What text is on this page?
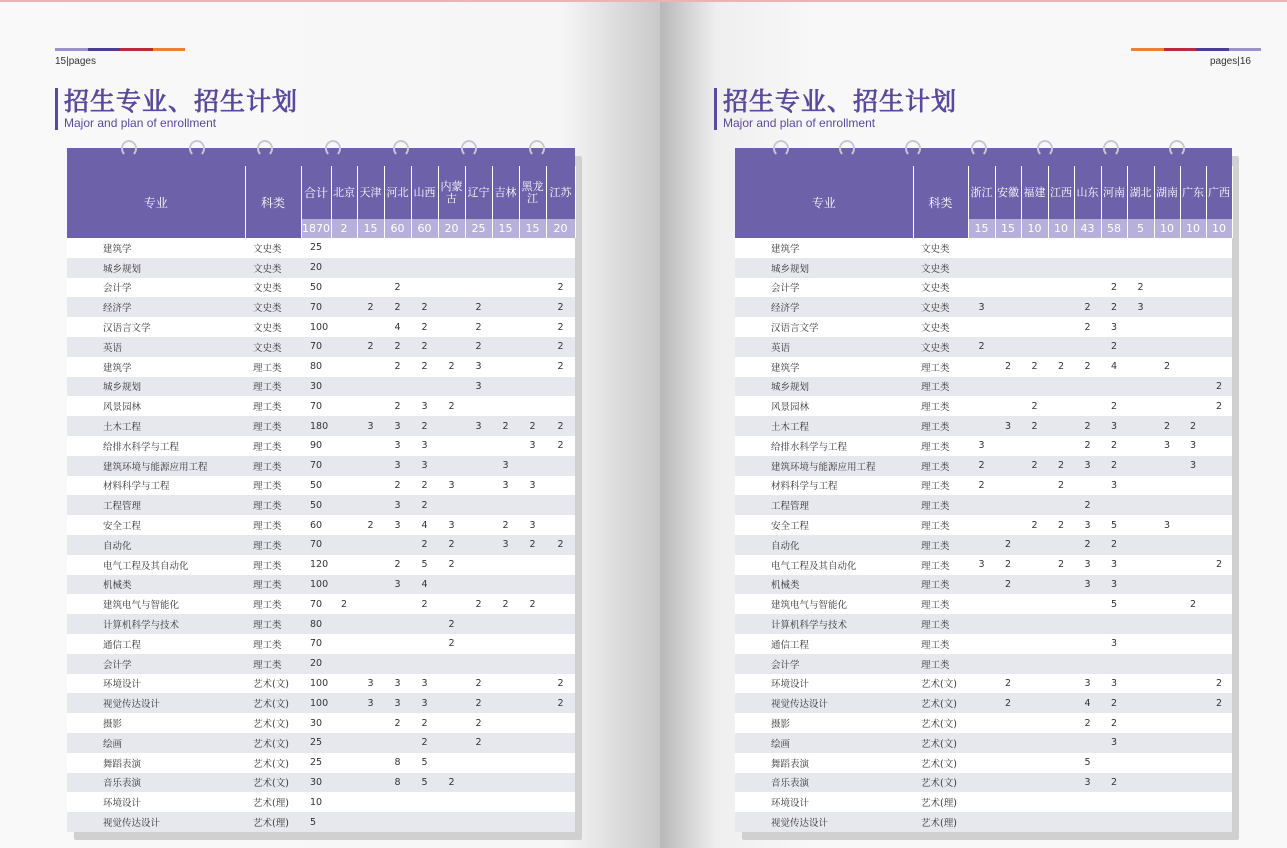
15|pages
招生专业、招生计划
Major and plan of enrollment
专业	科类	合计	北京	天津	河北	山西	内蒙古	辽宁	吉林	黑龙江	江苏
		1870	2	15	60	60	20	25	15	15	20
建筑学	文史类	25									
城乡规划	文史类	20									
会计学	文史类	50			2						2
经济学	文史类	70		2	2	2		2			2
汉语言文学	文史类	100			4	2		2			2
英语	文史类	70		2	2	2		2			2
建筑学	理工类	80			2	2	2	3			2
城乡规划	理工类	30						3			
风景园林	理工类	70			2	3	2				
土木工程	理工类	180		3	3	2		3	2	2	2
给排水科学与工程	理工类	90			3	3				3	2
建筑环境与能源应用工程	理工类	70			3	3			3		
材料科学与工程	理工类	50			2	2	3		3	3	
工程管理	理工类	50			3	2					
安全工程	理工类	60		2	3	4	3		2	3	
自动化	理工类	70				2	2		3	2	2
电气工程及其自动化	理工类	120			2	5	2				
机械类	理工类	100			3	4					
建筑电气与智能化	理工类	70	2			2		2	2	2	
计算机科学与技术	理工类	80					2				
通信工程	理工类	70					2				
会计学	理工类	20									
环境设计	艺术(文)	100		3	3	3		2			2
视觉传达设计	艺术(文)	100		3	3	3		2			2
摄影	艺术(文)	30			2	2		2			
绘画	艺术(文)	25				2		2			
舞蹈表演	艺术(文)	25			8	5					
音乐表演	艺术(文)	30			8	5	2				
环境设计	艺术(理)	10									
视觉传达设计	艺术(理)	5									
pages|16
招生专业、招生计划
Major and plan of enrollment
专业	科类	浙江	安徽	福建	江西	山东	河南	湖北	湖南	广东	广西
		15	15	10	10	43	58	5	10	10	10
建筑学	文史类										
城乡规划	文史类										
会计学	文史类						2	2			
经济学	文史类	3				2	2	3			
汉语言文学	文史类					2	3				
英语	文史类	2					2				
建筑学	理工类		2	2	2	2	4		2		
城乡规划	理工类										2
风景园林	理工类			2			2				2
土木工程	理工类		3	2		2	3		2	2	
给排水科学与工程	理工类	3				2	2		3	3	
建筑环境与能源应用工程	理工类	2		2	2	3	2			3	
材料科学与工程	理工类	2			2		3				
工程管理	理工类					2					
安全工程	理工类			2	2	3	5		3		
自动化	理工类		2			2	2				
电气工程及其自动化	理工类	3	2		2	3	3				2
机械类	理工类		2			3	3				
建筑电气与智能化	理工类						5			2	
计算机科学与技术	理工类										
通信工程	理工类						3				
会计学	理工类										
环境设计	艺术(文)		2			3	3				2
视觉传达设计	艺术(文)		2			4	2				2
摄影	艺术(文)					2	2				
绘画	艺术(文)						3				
舞蹈表演	艺术(文)					5					
音乐表演	艺术(文)					3	2				
环境设计	艺术(理)										
视觉传达设计	艺术(理)										
